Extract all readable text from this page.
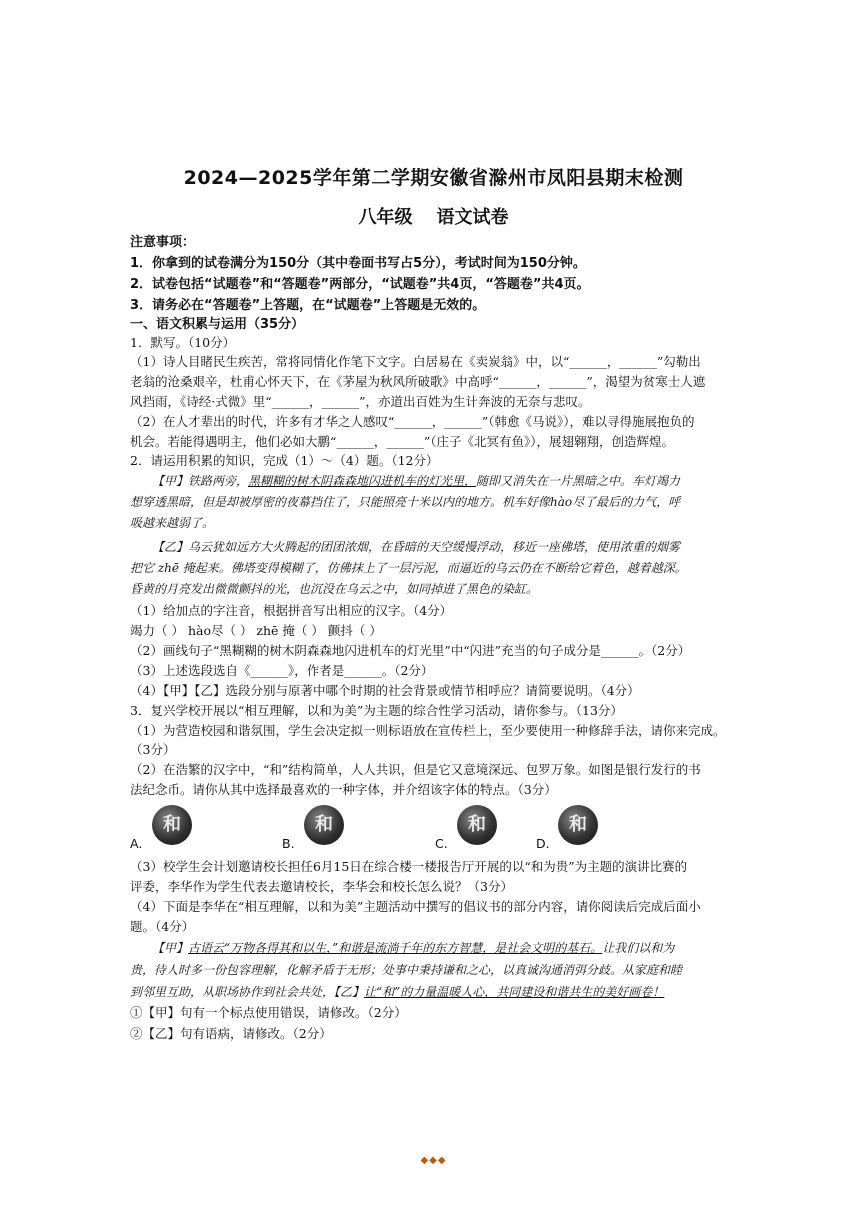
2024—2025学年第二学期安徽省滁州市凤阳县期末检测
八年级 语文试卷
注意事项：
1．你拿到的试卷满分为150分（其中卷面书写占5分），考试时间为150分钟。
2．试卷包括“试题卷”和“答题卷”两部分，“试题卷”共4页，“答题卷”共4页。
3．请务必在“答题卷”上答题，在“试题卷”上答题是无效的。
一、语文积累与运用（35分）
1．默写。（10分）
（1）诗人目睹民生疾苦，常将同情化作笔下文字。白居易在《卖炭翁》中，以“______，______”勾勒出
老翁的沧桑艰辛，杜甫心怀天下，在《茅屋为秋风所破歌》中高呼“______，______”，渴望为贫寒士人遮
风挡雨，《诗经·式微》里“______，______”，亦道出百姓为生计奔波的无奈与悲叹。
（2）在人才辈出的时代，许多有才华之人感叹“______，______”（韩愈《马说》），难以寻得施展抱负的
机会。若能得遇明主，他们必如大鹏“______，______”（庄子《北冥有鱼》），展翅翱翔，创造辉煌。
2．请运用积累的知识，完成（1）～（4）题。（12分）
【甲】铁路两旁，黑糊糊的树木阴森森地闪进机车的灯光里，随即又消失在一片黑暗之中。车灯竭力
想穿透黑暗，但是却被厚密的夜幕挡住了，只能照亮十米以内的地方。机车好像hào尽了最后的力气，呼
吸越来越弱了。
【乙】乌云犹如远方大火腾起的团团浓烟，在昏暗的天空缓慢浮动，移近一座佛塔，使用浓重的烟雾
把它 zhē 掩起来。佛塔变得模糊了，仿佛抹上了一层污泥，而逼近的乌云仍在不断给它着色，越着越深。
昏黄的月亮发出微微颤抖的光，也沉没在乌云之中，如同掉进了黑色的染缸。
（1）给加点的字注音，根据拼音写出相应的汉字。（4分）
竭力（ ） hào尽（ ） zhē 掩（ ） 颤抖（ ）
（2）画线句子“黑糊糊的树木阴森森地闪进机车的灯光里”中“闪进”充当的句子成分是______。（2分）
（3）上述选段选自《______》，作者是______。（2分）
（4）【甲】【乙】选段分别与原著中哪个时期的社会背景或情节相呼应？请简要说明。（4分）
3．复兴学校开展以“相互理解，以和为美”为主题的综合性学习活动，请你参与。（13分）
（1）为营造校园和谐氛围，学生会决定拟一则标语放在宣传栏上，至少要使用一种修辞手法，请你来完成。
（3分）
（2）在浩繁的汉字中，“和”结构简单，人人共识，但是它又意境深远、包罗万象。如图是银行发行的书
法纪念币。请你从其中选择最喜欢的一种字体，并介绍该字体的特点。（3分）
A.
和
B.
和
C.
和
D.
和
（3）校学生会计划邀请校长担任6月15日在综合楼一楼报告厅开展的以“和为贵”为主题的演讲比赛的
评委，李华作为学生代表去邀请校长，李华会和校长怎么说？（3分）
（4）下面是李华在“相互理解，以和为美”主题活动中撰写的倡议书的部分内容，请你阅读后完成后面小
题。（4分）
【甲】古语云“万物各得其和以生，”和谐是流淌千年的东方智慧，是社会文明的基石。让我们以和为
贵，待人时多一份包容理解，化解矛盾于无形；处事中秉持谦和之心，以真诚沟通消弭分歧。从家庭和睦
到邻里互助，从职场协作到社会共处，【乙】让“和”的力量温暖人心，共同建设和谐共生的美好画卷！
①【甲】句有一个标点使用错误，请修改。（2分）
②【乙】句有语病，请修改。（2分）
◆◆◆
